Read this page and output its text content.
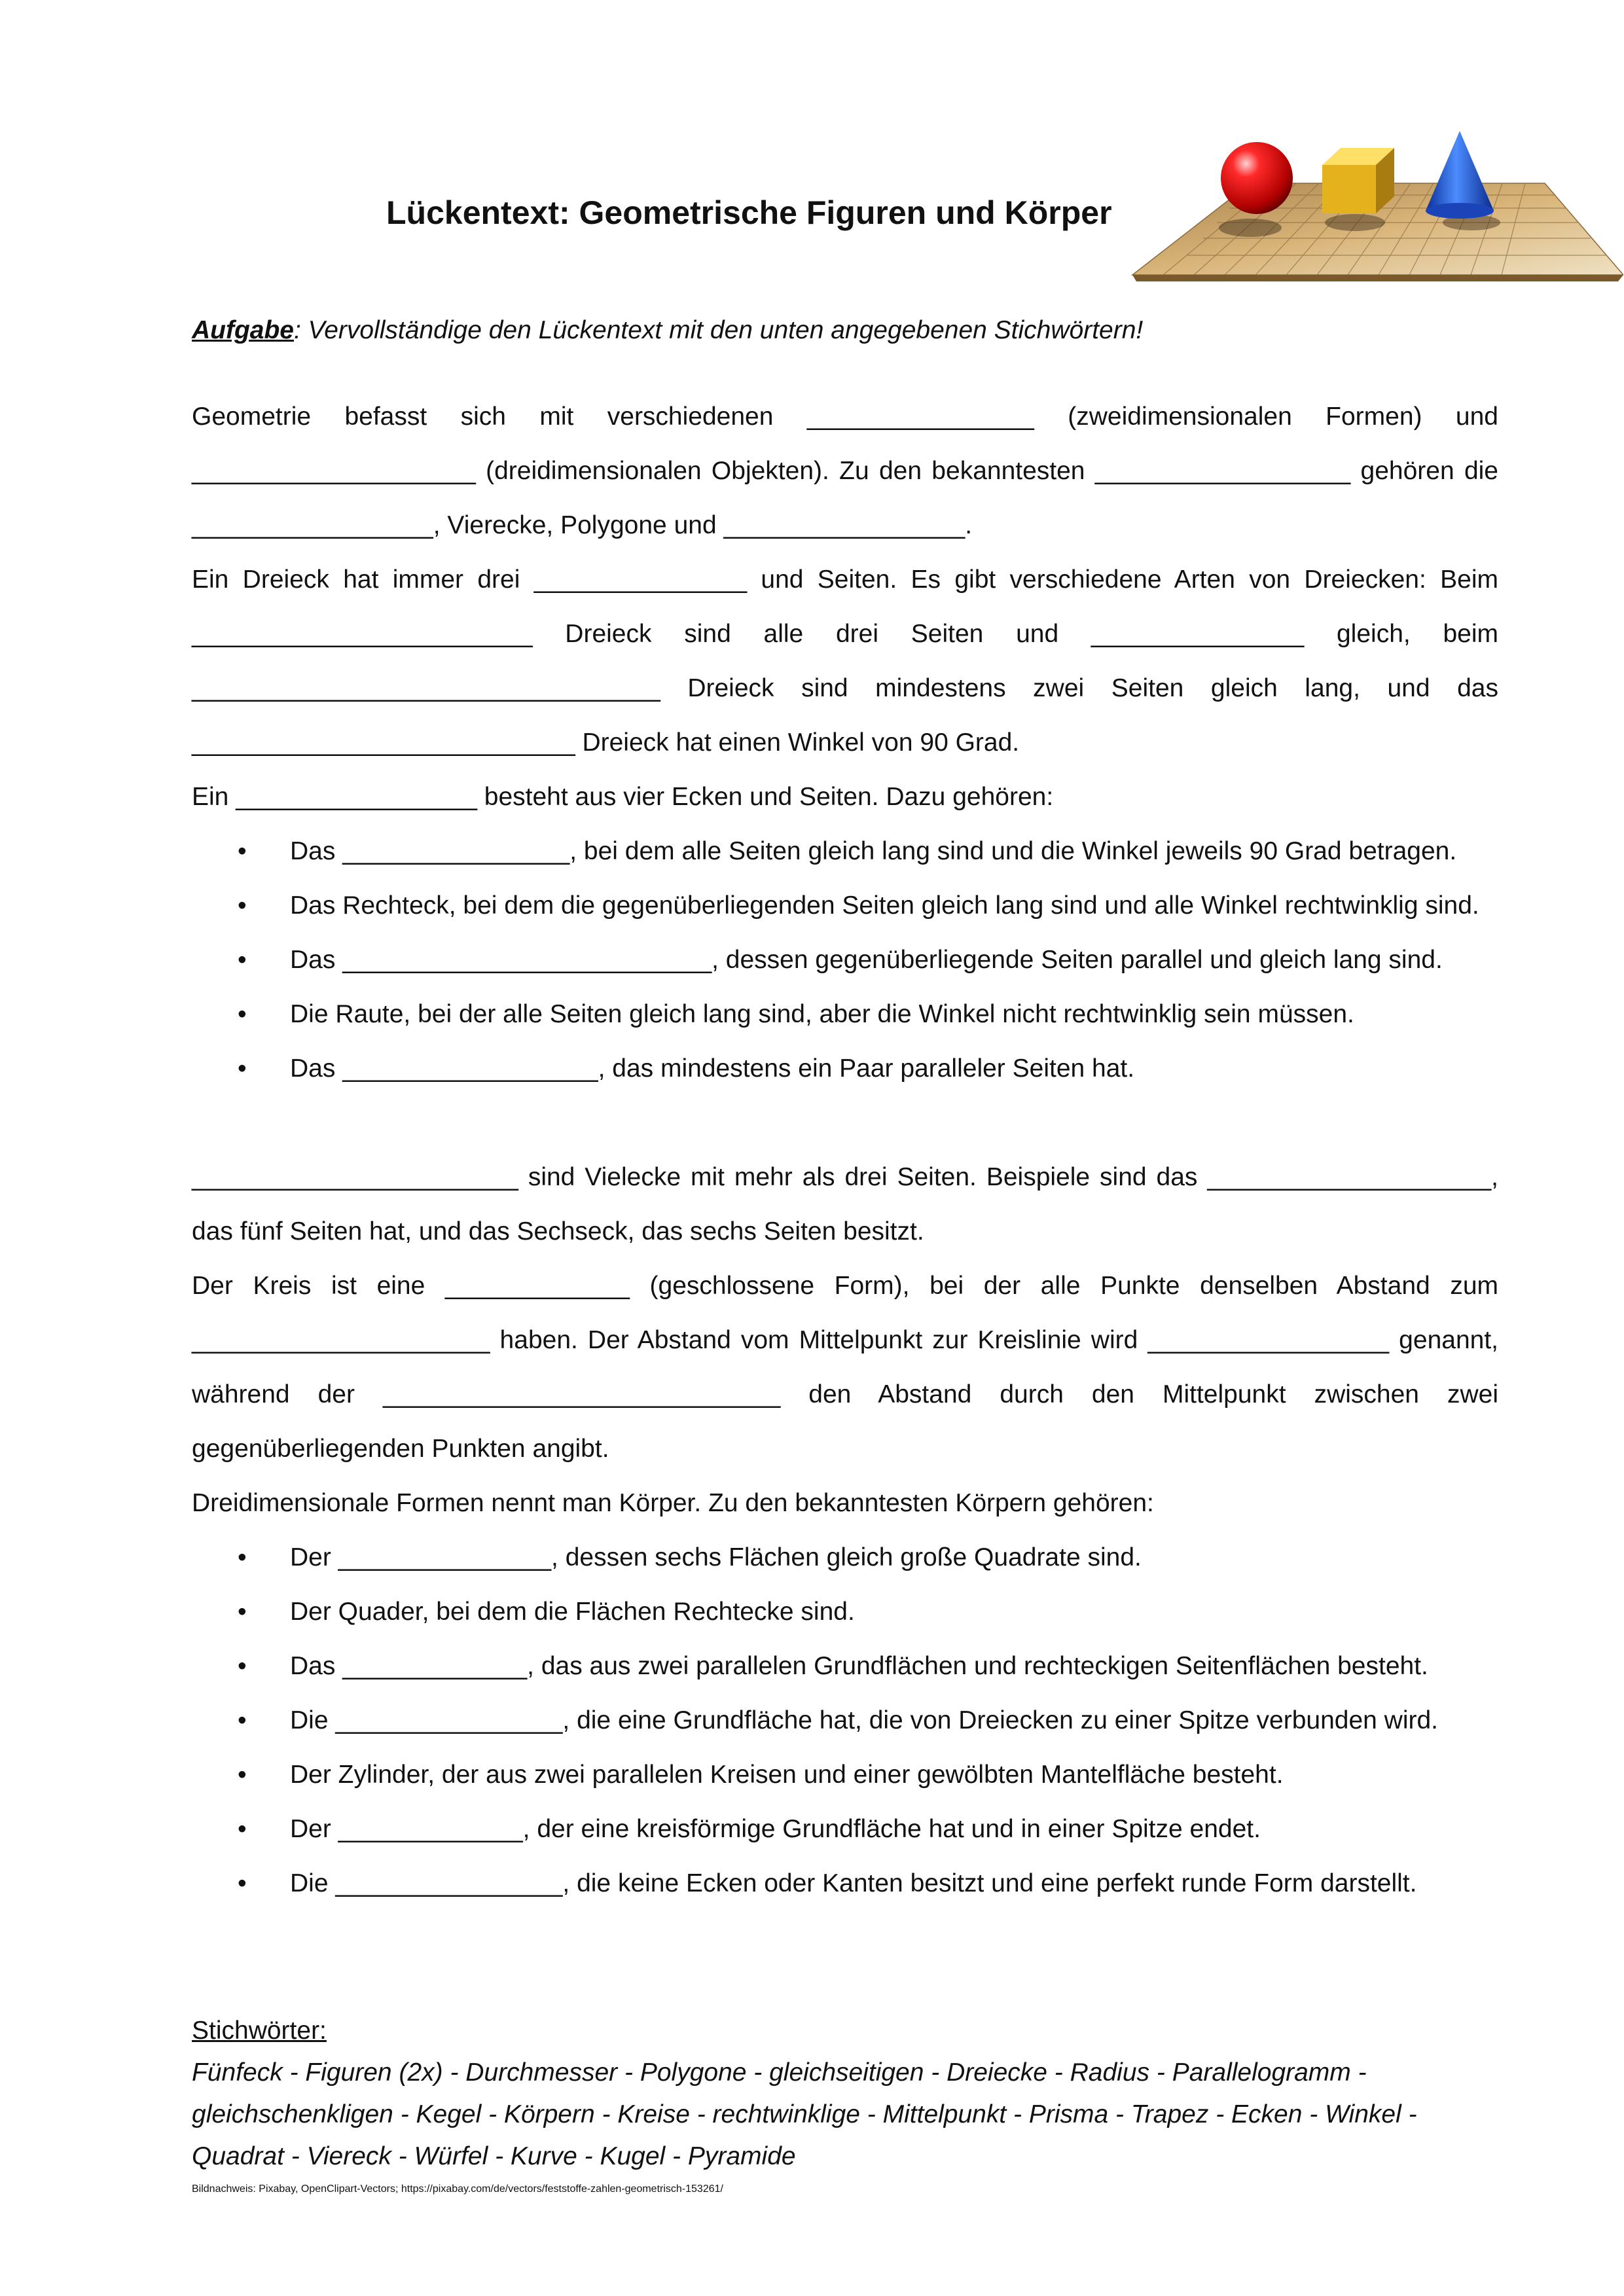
Lückentext: Geometrische Figuren und Körper

Aufgabe: Vervollständige den Lückentext mit den unten angegebenen Stichwörtern!

Geometrie befasst sich mit verschiedenen ________________ (zweidimensionalen Formen) und ____________________ (dreidimensionalen Objekten). Zu den bekanntesten __________________ gehören die _________________, Vierecke, Polygone und _________________.

Ein Dreieck hat immer drei _______________ und Seiten. Es gibt verschiedene Arten von Dreiecken: Beim ________________________ Dreieck sind alle drei Seiten und _______________ gleich, beim _________________________________ Dreieck sind mindestens zwei Seiten gleich lang, und das ___________________________ Dreieck hat einen Winkel von 90 Grad.

Ein _________________ besteht aus vier Ecken und Seiten. Dazu gehören:

• Das ________________, bei dem alle Seiten gleich lang sind und die Winkel jeweils 90 Grad betragen.
• Das Rechteck, bei dem die gegenüberliegenden Seiten gleich lang sind und alle Winkel rechtwinklig sind.
• Das __________________________, dessen gegenüberliegende Seiten parallel und gleich lang sind.
• Die Raute, bei der alle Seiten gleich lang sind, aber die Winkel nicht rechtwinklig sein müssen.
• Das __________________, das mindestens ein Paar paralleler Seiten hat.

_______________________ sind Vielecke mit mehr als drei Seiten. Beispiele sind das ____________________, das fünf Seiten hat, und das Sechseck, das sechs Seiten besitzt.

Der Kreis ist eine _____________ (geschlossene Form), bei der alle Punkte denselben Abstand zum _____________________ haben. Der Abstand vom Mittelpunkt zur Kreislinie wird _________________ genannt, während der ____________________________ den Abstand durch den Mittelpunkt zwischen zwei gegenüberliegenden Punkten angibt.

Dreidimensionale Formen nennt man Körper. Zu den bekanntesten Körpern gehören:

• Der _______________, dessen sechs Flächen gleich große Quadrate sind.
• Der Quader, bei dem die Flächen Rechtecke sind.
• Das _____________, das aus zwei parallelen Grundflächen und rechteckigen Seitenflächen besteht.
• Die ________________, die eine Grundfläche hat, die von Dreiecken zu einer Spitze verbunden wird.
• Der Zylinder, der aus zwei parallelen Kreisen und einer gewölbten Mantelfläche besteht.
• Der _____________, der eine kreisförmige Grundfläche hat und in einer Spitze endet.
• Die ________________, die keine Ecken oder Kanten besitzt und eine perfekt runde Form darstellt.

Stichwörter:

Fünfeck - Figuren (2x) - Durchmesser - Polygone - gleichseitigen - Dreiecke - Radius - Parallelogramm - gleichschenkligen - Kegel - Körpern - Kreise - rechtwinklige - Mittelpunkt - Prisma - Trapez - Ecken - Winkel - Quadrat - Viereck - Würfel - Kurve - Kugel - Pyramide

Bildnachweis: Pixabay, OpenClipart-Vectors; https://pixabay.com/de/vectors/feststoffe-zahlen-geometrisch-153261/
